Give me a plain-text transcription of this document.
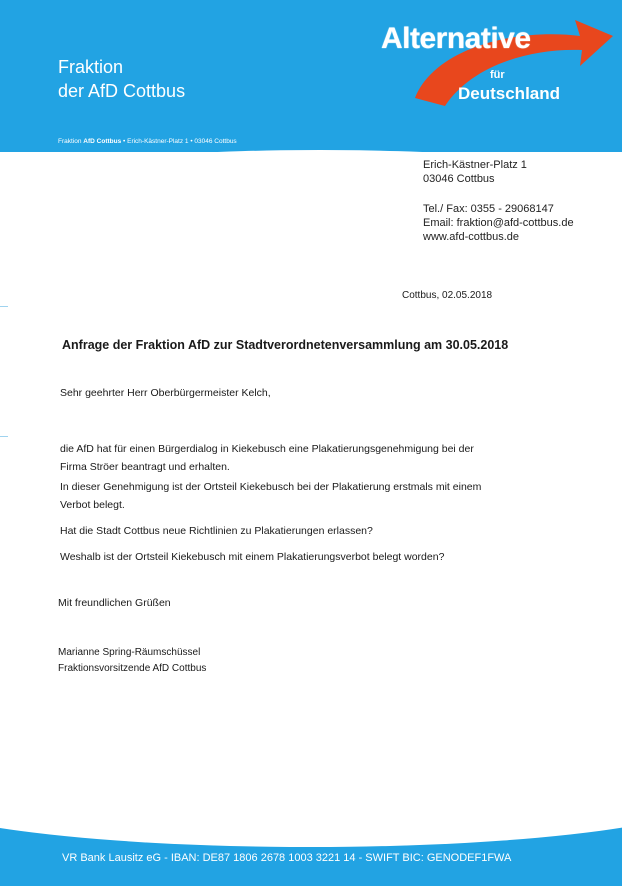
Fraktion
der AfD Cottbus
Fraktion AfD Cottbus • Erich-Kästner-Platz 1 • 03046 Cottbus
Alternative
für
Deutschland
Erich-Kästner-Platz 1
03046 Cottbus
Tel./ Fax: 0355 - 29068147
Email: fraktion@afd-cottbus.de
www.afd-cottbus.de
Cottbus, 02.05.2018
Anfrage der Fraktion AfD zur Stadtverordnetenversammlung am 30.05.2018
Sehr geehrter Herr Oberbürgermeister Kelch,
die AfD hat für einen Bürgerdialog in Kiekebusch eine Plakatierungsgenehmigung bei der
Firma Ströer beantragt und erhalten.
In dieser Genehmigung ist der Ortsteil Kiekebusch bei der Plakatierung erstmals mit einem
Verbot belegt.
Hat die Stadt Cottbus neue Richtlinien zu Plakatierungen erlassen?
Weshalb ist der Ortsteil Kiekebusch mit einem Plakatierungsverbot belegt worden?
Mit freundlichen Grüßen
Marianne Spring-Räumschüssel
Fraktionsvorsitzende AfD Cottbus
VR Bank Lausitz eG - IBAN: DE87 1806 2678 1003 3221 14 - SWIFT BIC: GENODEF1FWA
